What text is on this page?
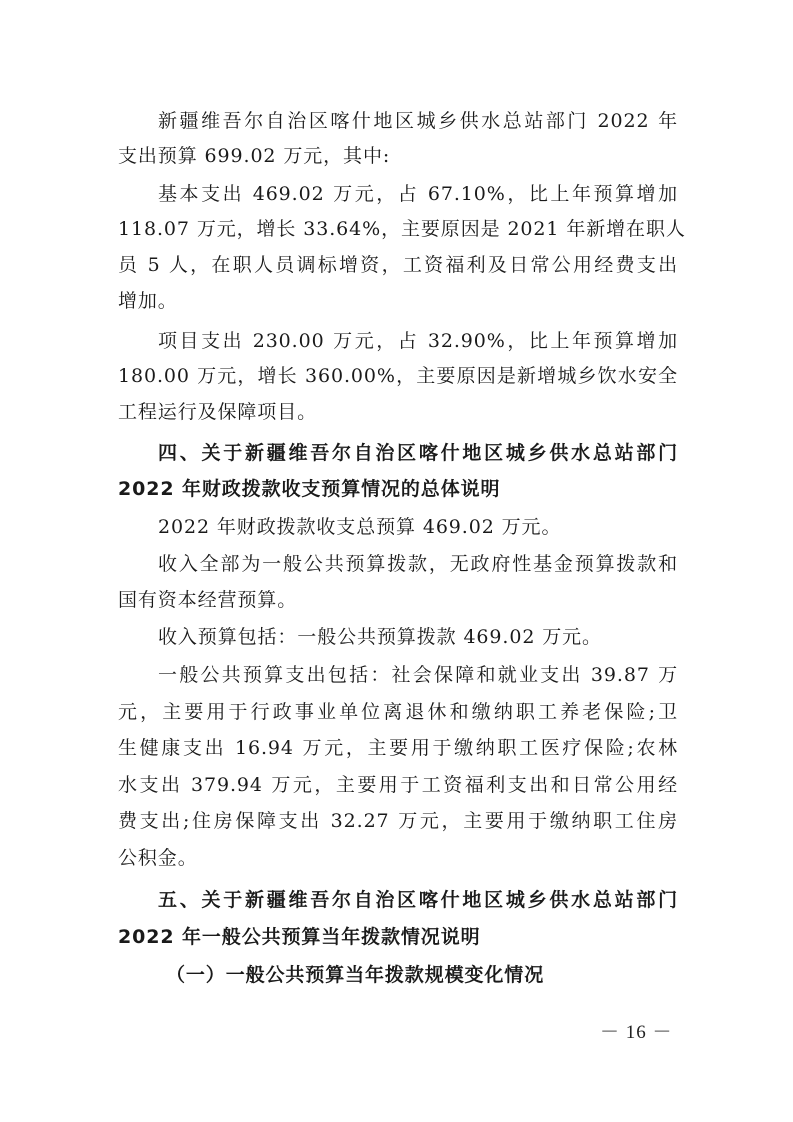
新疆维吾尔自治区喀什地区城乡供水总站部门 2022 年
支出预算 699.02 万元，其中:
基本支出 469.02 万元，占 67.10%，比上年预算增加
118.07 万元，增长 33.64%，主要原因是 2021 年新增在职人
员 5 人，在职人员调标增资，工资福利及日常公用经费支出
增加。
项目支出 230.00 万元，占 32.90%，比上年预算增加
180.00 万元，增长 360.00%，主要原因是新增城乡饮水安全
工程运行及保障项目。
四、关于新疆维吾尔自治区喀什地区城乡供水总站部门
2022 年财政拨款收支预算情况的总体说明
2022 年财政拨款收支总预算 469.02 万元。
收入全部为一般公共预算拨款，无政府性基金预算拨款和
国有资本经营预算。
收入预算包括：一般公共预算拨款 469.02 万元。
一般公共预算支出包括：社会保障和就业支出 39.87 万
元，主要用于行政事业单位离退休和缴纳职工养老保险;卫
生健康支出 16.94 万元，主要用于缴纳职工医疗保险;农林
水支出 379.94 万元，主要用于工资福利支出和日常公用经
费支出;住房保障支出 32.27 万元，主要用于缴纳职工住房
公积金。
五、关于新疆维吾尔自治区喀什地区城乡供水总站部门
2022 年一般公共预算当年拨款情况说明
（一）一般公共预算当年拨款规模变化情况
－ 16 －
